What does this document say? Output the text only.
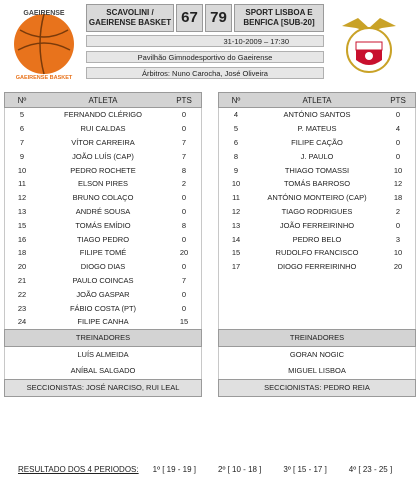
GAEIRENSE
GAEIRENSE BASKET
SCAVOLINI / GAEIRENSE BASKET 67 79	SPORT LISBOA E BENFICA [SUB-20]
31-10-2009 – 17:30
Pavilhão Gimnodesportivo do Gaeirense
Árbitros: Nuno Carocha, José Oliveira
Nº	ATLETA	PTS
5	FERNANDO CLÉRIGO	0
6	RUI CALDAS	0
7	VÍTOR CARREIRA	7
9	JOÃO LUÍS (CAP)	7
10	PEDRO ROCHETE	8
11	ELSON PIRES	2
12	BRUNO COLAÇO	0
13	ANDRÉ SOUSA	0
15	TOMÁS EMÍDIO	8
16	TIAGO PEDRO	0
18	FILIPE TOMÉ	20
20	DIOGO DIAS	0
21	PAULO COINCAS	7
22	JOÃO GASPAR	0
23	FÁBIO COSTA (PT)	0
24	FILIPE CANHA	15
TREINADORES
LUÍS ALMEIDA
ANÍBAL SALGADO
SECCIONISTAS: JOSÉ NARCISO, RUI LEAL
Nº	ATLETA	PTS
4	ANTÓNIO SANTOS	0
5	P. MATEUS	4
6	FILIPE CAÇÃO	0
8	J. PAULO	0
9	THIAGO TOMASSI	10
10	TOMÁS BARROSO	12
11	ANTÓNIO MONTEIRO (CAP)	18
12	TIAGO RODRIGUES	2
13	JOÃO FERREIRINHO	0
14	PEDRO BELO	3
15	RUDOLFO FRANCISCO	10
17	DIOGO FERREIRINHO	20
TREINADORES
GORAN NOGIC
MIGUEL LISBOA
SECCIONISTAS: PEDRO REIA
RESULTADO DOS 4 PERIODOS: 1º [ 19 - 19 ]	2º [ 10 - 18 ]	3º [ 15 - 17 ]	4º [ 23 - 25 ]
